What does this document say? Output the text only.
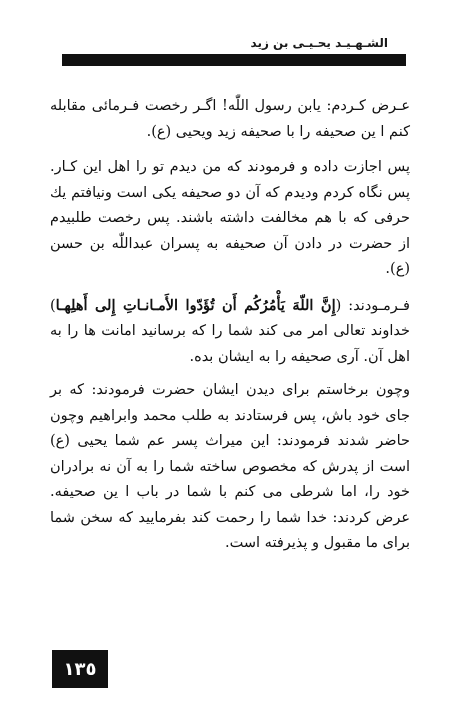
الشـهـيـد يحـيـى بن زيد

عـرض كـردم: يابن رسول اللّٰه! اگـر رخصت فـرمائى مقابله كنم ا ين صحيفه را با صحيفه زيد ويحيى (ع).

پس اجازت داده و فرمودند كه من ديدم تو را اهل اين كـار. پس نگاه كردم وديدم كه آن دو صحيفه يكى است ونيافتم يك حرفى كه با هم مخالفت داشته باشند. پس رخصت طلبيدم از حضرت در دادن آن صحيفه به پسران عبداللّٰه بن حسن (ع).

فـرمـودند: (إِنَّ اللّهَ يَأْمُرُكُم أَن تُؤَدّوا الأَمـانـاتِ إِلى أَهلِهـا) خداوند تعالى امر مى كند شما را كه برسانيد امانت ها را به اهل آن. آرى صحيفه را به ايشان بده.

وچون برخاستم براى ديدن ايشان حضرت فرمودند: كه بر جاى خود باش، پس فرستادند به طلب محمد وابراهيم وچون حاضر شدند فرمودند: اين ميراث پسر عم شما يحيى (ع) است از پدرش كه مخصوص ساخته شما را به آن نه برادران خود را، اما شرطى مى كنم با شما در باب ا ين صحيفه. عرض كردند: خدا شما را رحمت كند بفرماييد كه سخن شما براى ما مقبول و پذيرفته است.

١٣٥
